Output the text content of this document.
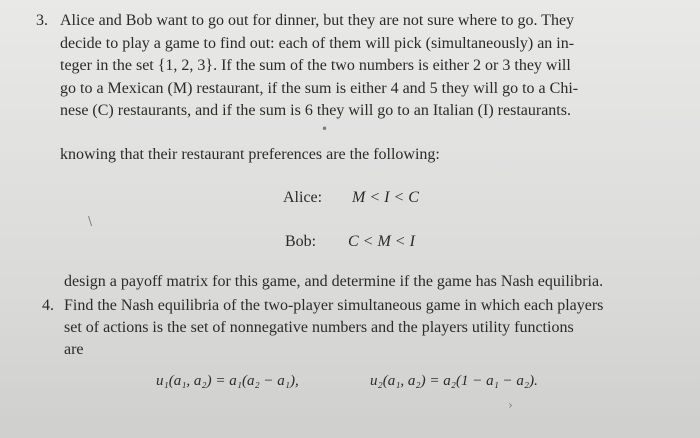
3. Alice and Bob want to go out for dinner, but they are not sure where to go. They
decide to play a game to find out: each of them will pick (simultaneously) an in-
teger in the set {1, 2, 3}. If the sum of the two numbers is either 2 or 3 they will
go to a Mexican (M) restaurant, if the sum is either 4 and 5 they will go to a Chi-
nese (C) restaurants, and if the sum is 6 they will go to an Italian (I) restaurants.
•
knowing that their restaurant preferences are the following:
Alice: M < I < C
\
Bob: C < M < I
design a payoff matrix for this game, and determine if the game has Nash equilibria.
4. Find the Nash equilibria of the two-player simultaneous game in which each players
set of actions is the set of nonnegative numbers and the players utility functions
are
u₁(a₁, a₂) = a₁(a₂ − a₁),	u₂(a₁, a₂) = a₂(1 − a₁ − a₂).
›
